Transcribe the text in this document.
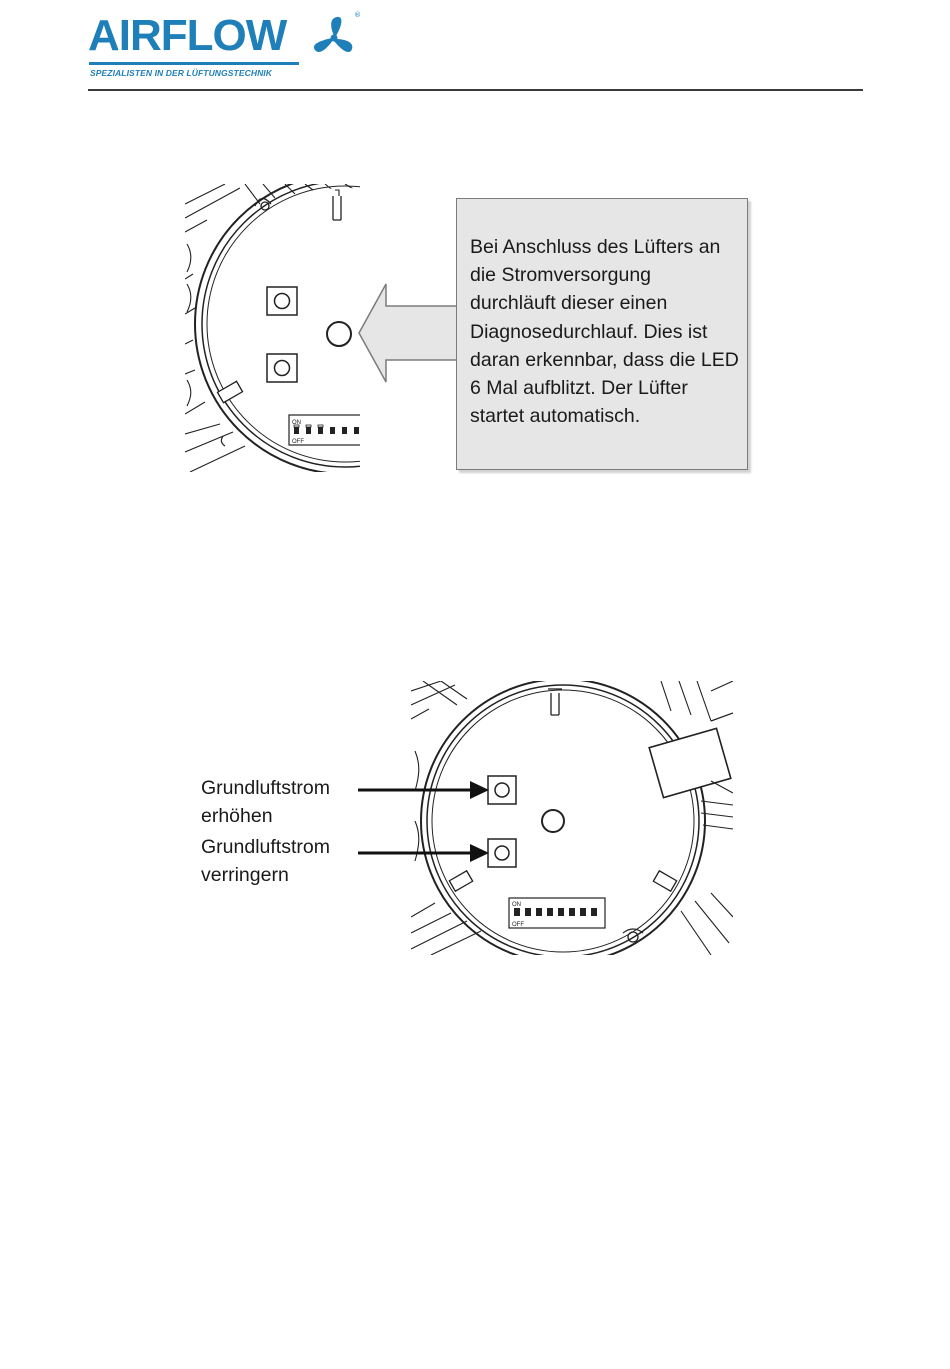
AIRFLOW
SPEZIALISTEN IN DER LÜFTUNGSTECHNIK
®
ON
OFF
Bei Anschluss des Lüfters an die Stromversorgung durchläuft dieser einen Diagnosedurchlauf. Dies ist daran erkennbar, dass die LED 6 Mal aufblitzt. Der Lüfter startet automatisch.
ON
OFF
Grundluftstrom erhöhen
Grundluftstrom verringern
